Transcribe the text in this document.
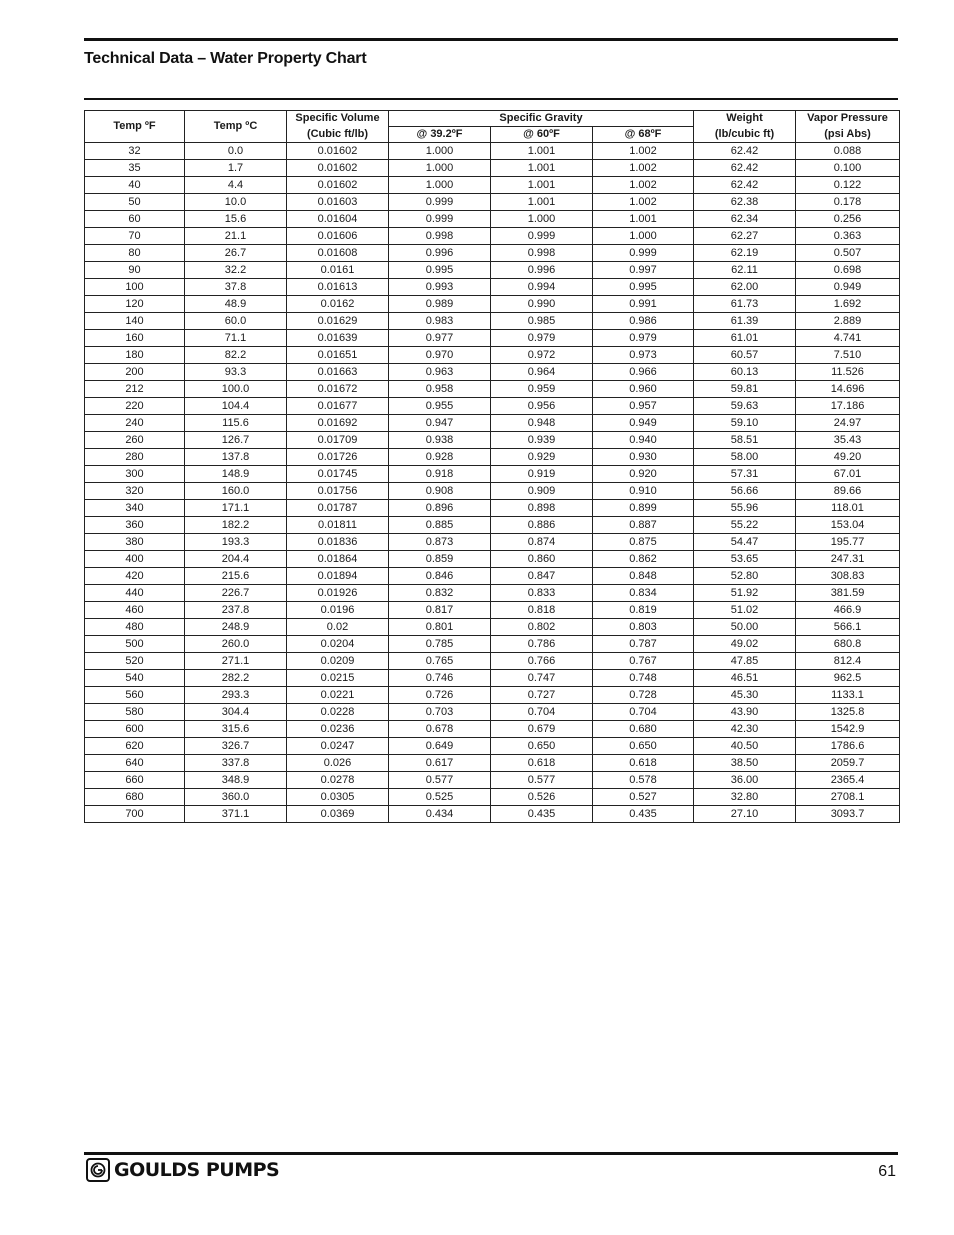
Technical Data – Water Property Chart
Temp ºF	Temp ºC	Specific Volume	Specific Gravity			Weight	Vapor Pressure
		(Cubic ft/lb)	@ 39.2ºF	@ 60ºF	@ 68ºF	(lb/cubic ft)	(psi Abs)
32	0.0	0.01602	1.000	1.001	1.002	62.42	0.088
35	1.7	0.01602	1.000	1.001	1.002	62.42	0.100
40	4.4	0.01602	1.000	1.001	1.002	62.42	0.122
50	10.0	0.01603	0.999	1.001	1.002	62.38	0.178
60	15.6	0.01604	0.999	1.000	1.001	62.34	0.256
70	21.1	0.01606	0.998	0.999	1.000	62.27	0.363
80	26.7	0.01608	0.996	0.998	0.999	62.19	0.507
90	32.2	0.0161	0.995	0.996	0.997	62.11	0.698
100	37.8	0.01613	0.993	0.994	0.995	62.00	0.949
120	48.9	0.0162	0.989	0.990	0.991	61.73	1.692
140	60.0	0.01629	0.983	0.985	0.986	61.39	2.889
160	71.1	0.01639	0.977	0.979	0.979	61.01	4.741
180	82.2	0.01651	0.970	0.972	0.973	60.57	7.510
200	93.3	0.01663	0.963	0.964	0.966	60.13	11.526
212	100.0	0.01672	0.958	0.959	0.960	59.81	14.696
220	104.4	0.01677	0.955	0.956	0.957	59.63	17.186
240	115.6	0.01692	0.947	0.948	0.949	59.10	24.97
260	126.7	0.01709	0.938	0.939	0.940	58.51	35.43
280	137.8	0.01726	0.928	0.929	0.930	58.00	49.20
300	148.9	0.01745	0.918	0.919	0.920	57.31	67.01
320	160.0	0.01756	0.908	0.909	0.910	56.66	89.66
340	171.1	0.01787	0.896	0.898	0.899	55.96	118.01
360	182.2	0.01811	0.885	0.886	0.887	55.22	153.04
380	193.3	0.01836	0.873	0.874	0.875	54.47	195.77
400	204.4	0.01864	0.859	0.860	0.862	53.65	247.31
420	215.6	0.01894	0.846	0.847	0.848	52.80	308.83
440	226.7	0.01926	0.832	0.833	0.834	51.92	381.59
460	237.8	0.0196	0.817	0.818	0.819	51.02	466.9
480	248.9	0.02	0.801	0.802	0.803	50.00	566.1
500	260.0	0.0204	0.785	0.786	0.787	49.02	680.8
520	271.1	0.0209	0.765	0.766	0.767	47.85	812.4
540	282.2	0.0215	0.746	0.747	0.748	46.51	962.5
560	293.3	0.0221	0.726	0.727	0.728	45.30	1133.1
580	304.4	0.0228	0.703	0.704	0.704	43.90	1325.8
600	315.6	0.0236	0.678	0.679	0.680	42.30	1542.9
620	326.7	0.0247	0.649	0.650	0.650	40.50	1786.6
640	337.8	0.026	0.617	0.618	0.618	38.50	2059.7
660	348.9	0.0278	0.577	0.577	0.578	36.00	2365.4
680	360.0	0.0305	0.525	0.526	0.527	32.80	2708.1
700	371.1	0.0369	0.434	0.435	0.435	27.10	3093.7
GOULDS PUMPS	61
